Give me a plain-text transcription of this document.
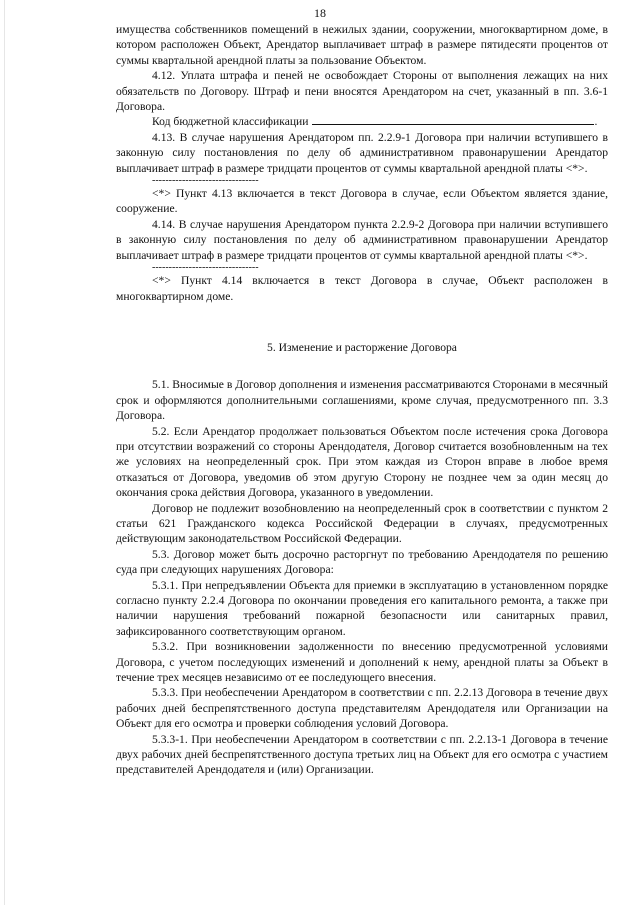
18

имущества собственников помещений в нежилых здании, сооружении, многоквартирном доме, в котором расположен Объект, Арендатор выплачивает штраф в размере пятидесяти процентов от суммы квартальной арендной платы за пользование Объектом.

4.12. Уплата штрафа и пеней не освобождает Стороны от выполнения лежащих на них обязательств по Договору. Штраф и пени вносятся Арендатором на счет, указанный в пп. 3.6-1 Договора.

Код бюджетной классификации	.

4.13. В случае нарушения Арендатором пп. 2.2.9-1 Договора при наличии вступившего в законную силу постановления по делу об административном правонарушении Арендатор выплачивает штраф в размере тридцати процентов от суммы квартальной арендной платы <*>.

--------------------------------

<*> Пункт 4.13 включается в текст Договора в случае, если Объектом является здание, сооружение.

4.14. В случае нарушения Арендатором пункта 2.2.9-2 Договора при наличии вступившего в законную силу постановления по делу об административном правонарушении Арендатор выплачивает штраф в размере тридцати процентов от суммы квартальной арендной платы <*>.

--------------------------------

<*> Пункт 4.14 включается в текст Договора в случае, Объект расположен в многоквартирном доме.

5. Изменение и расторжение Договора

5.1. Вносимые в Договор дополнения и изменения рассматриваются Сторонами в месячный срок и оформляются дополнительными соглашениями, кроме случая, предусмотренного пп. 3.3 Договора.

5.2. Если Арендатор продолжает пользоваться Объектом после истечения срока Договора при отсутствии возражений со стороны Арендодателя, Договор считается возобновленным на тех же условиях на неопределенный срок. При этом каждая из Сторон вправе в любое время отказаться от Договора, уведомив об этом другую Сторону не позднее чем за один месяц до окончания срока действия Договора, указанного в уведомлении.

Договор не подлежит возобновлению на неопределенный срок в соответствии с пунктом 2 статьи 621 Гражданского кодекса Российской Федерации в случаях, предусмотренных действующим законодательством Российской Федерации.

5.3. Договор может быть досрочно расторгнут по требованию Арендодателя по решению суда при следующих нарушениях Договора:

5.3.1. При непредъявлении Объекта для приемки в эксплуатацию в установленном порядке согласно пункту 2.2.4 Договора по окончании проведения его капитального ремонта, а также при наличии нарушения требований пожарной безопасности или санитарных правил, зафиксированного соответствующим органом.

5.3.2. При возникновении задолженности по внесению предусмотренной условиями Договора, с учетом последующих изменений и дополнений к нему, арендной платы за Объект в течение трех месяцев независимо от ее последующего внесения.

5.3.3. При необеспечении Арендатором в соответствии с пп. 2.2.13 Договора в течение двух рабочих дней беспрепятственного доступа представителям Арендодателя или Организации на Объект для его осмотра и проверки соблюдения условий Договора.

5.3.3-1. При необеспечении Арендатором в соответствии с пп. 2.2.13-1 Договора в течение двух рабочих дней беспрепятственного доступа третьих лиц на Объект для его осмотра с участием представителей Арендодателя и (или) Организации.
